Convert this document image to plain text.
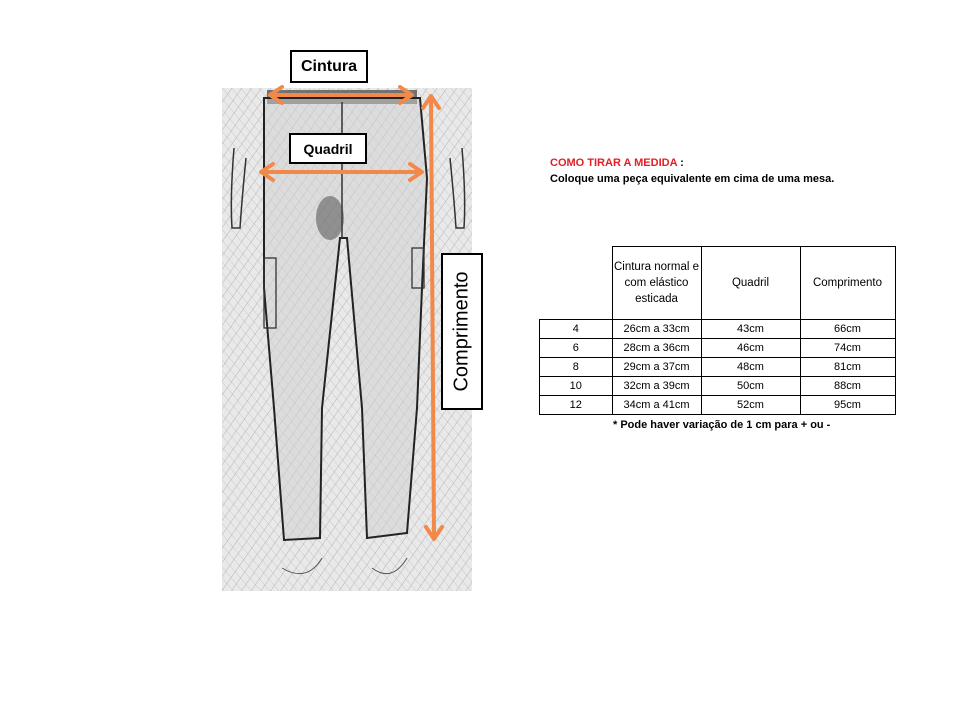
Cintura
Quadril
Comprimento
COMO TIRAR A MEDIDA :
Coloque uma peça equivalente em cima de uma mesa.
	Cintura normal e com elástico esticada	Quadril	Comprimento
4	26cm a 33cm	43cm	66cm
6	28cm a 36cm	46cm	74cm
8	29cm a 37cm	48cm	81cm
10	32cm a 39cm	50cm	88cm
12	34cm a 41cm	52cm	95cm
* Pode haver variação de 1 cm para + ou -
